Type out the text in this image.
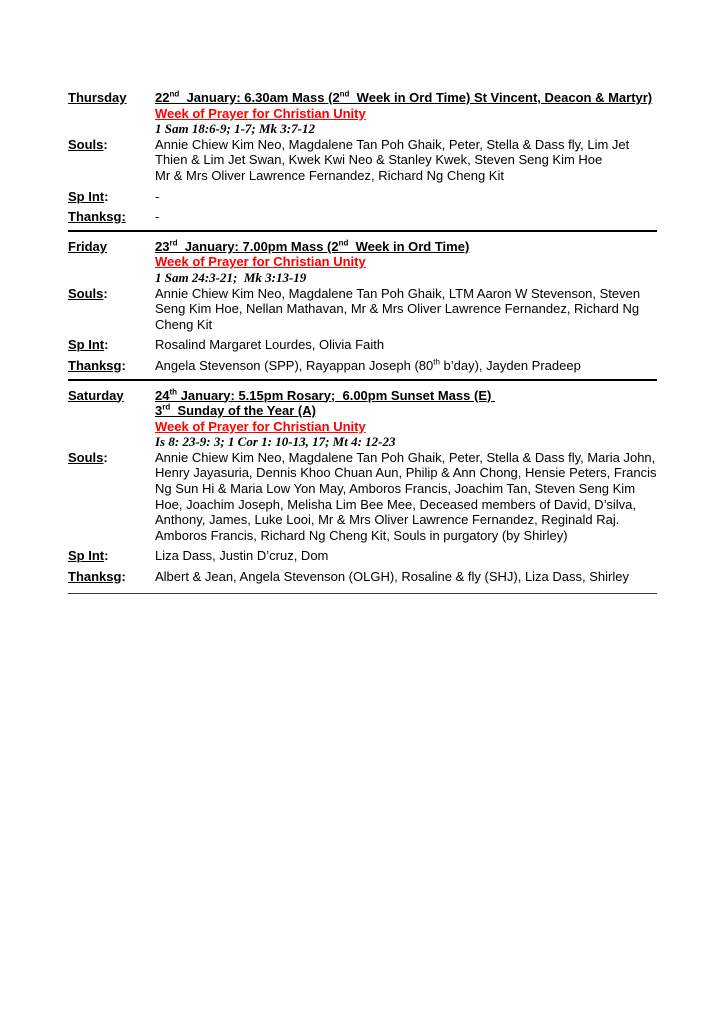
Thursday	22nd  January: 6.30am Mass (2nd  Week in Ord Time) St Vincent, Deacon & Martyr)
Week of Prayer for Christian Unity
1 Sam 18:6-9; 1-7; Mk 3:7-12
Souls:	Annie Chiew Kim Neo, Magdalene Tan Poh Ghaik, Peter, Stella & Dass fly, Lim Jet Thien & Lim Jet Swan, Kwek Kwi Neo & Stanley Kwek, Steven Seng Kim Hoe
Mr & Mrs Oliver Lawrence Fernandez, Richard Ng Cheng Kit
Sp Int:	-
Thanksg:	-
Friday	23rd  January: 7.00pm Mass (2nd  Week in Ord Time)
Week of Prayer for Christian Unity
1 Sam 24:3-21;  Mk 3:13-19
Souls:	Annie Chiew Kim Neo, Magdalene Tan Poh Ghaik, LTM Aaron W Stevenson, Steven Seng Kim Hoe, Nellan Mathavan, Mr & Mrs Oliver Lawrence Fernandez, Richard Ng Cheng Kit
Sp Int:	Rosalind Margaret Lourdes, Olivia Faith
Thanksg:	Angela Stevenson (SPP), Rayappan Joseph (80th b’day), Jayden Pradeep
Saturday	24th January: 5.15pm Rosary;  6.00pm Sunset Mass (E)
3rd  Sunday of the Year (A)
Week of Prayer for Christian Unity
Is 8: 23-9: 3; 1 Cor 1: 10-13, 17; Mt 4: 12-23
Souls:	Annie Chiew Kim Neo, Magdalene Tan Poh Ghaik, Peter, Stella & Dass fly, Maria John, Henry Jayasuria, Dennis Khoo Chuan Aun, Philip & Ann Chong, Hensie Peters, Francis Ng Sun Hi & Maria Low Yon May, Amboros Francis, Joachim Tan, Steven Seng Kim Hoe, Joachim Joseph, Melisha Lim Bee Mee, Deceased members of David, D’silva, Anthony, James, Luke Looi, Mr & Mrs Oliver Lawrence Fernandez, Reginald Raj. Amboros Francis, Richard Ng Cheng Kit, Souls in purgatory (by Shirley)
Sp Int:	Liza Dass, Justin D’cruz, Dom
Thanksg:	Albert & Jean, Angela Stevenson (OLGH), Rosaline & fly (SHJ), Liza Dass, Shirley
